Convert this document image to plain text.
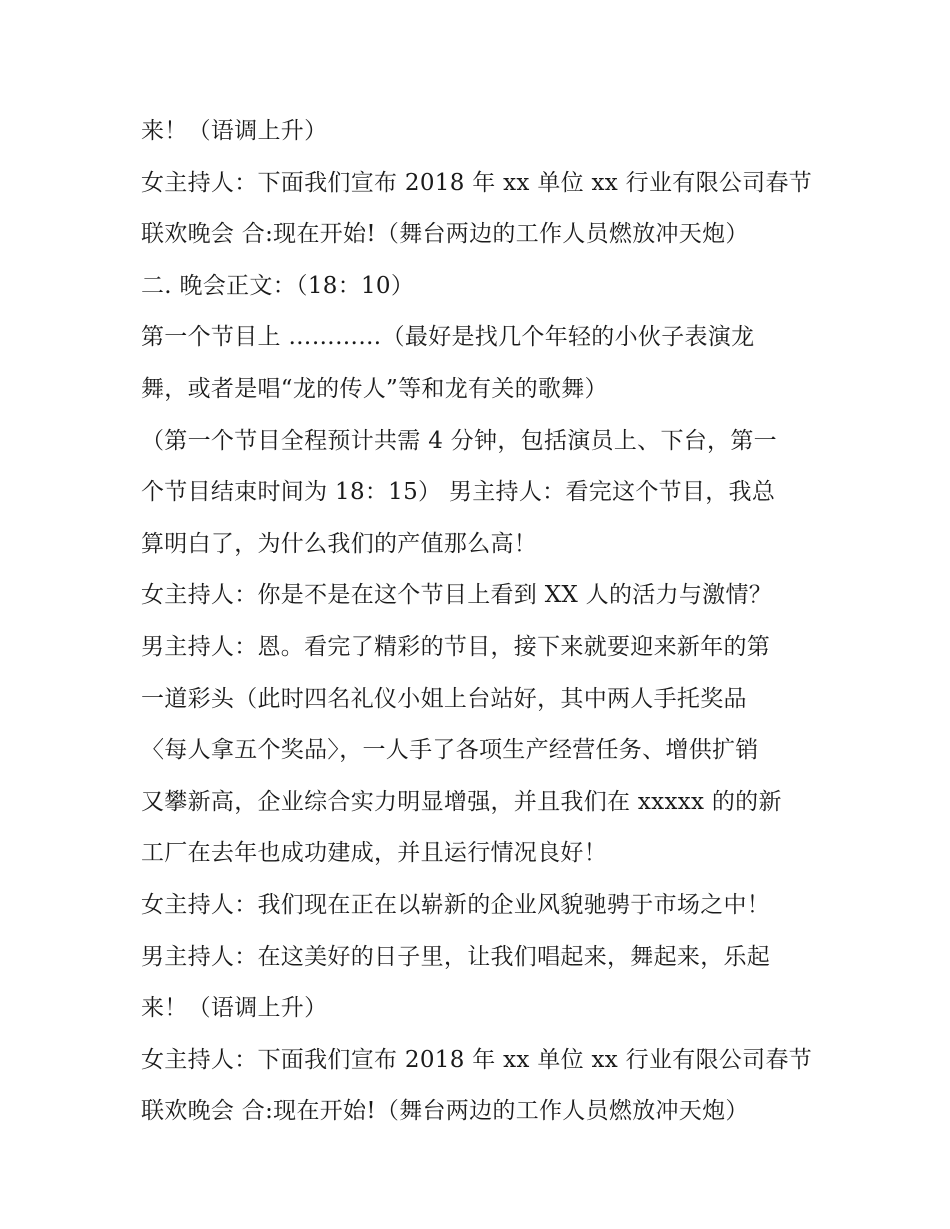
来！（语调上升）
女主持人：下面我们宣布 2018 年 xx 单位 xx 行业有限公司春节
联欢晚会 合:现在开始!（舞台两边的工作人员燃放冲天炮）
二. 晚会正文：（18：10）
第一个节目上 …………（最好是找几个年轻的小伙子表演龙
舞，或者是唱“龙的传人”等和龙有关的歌舞）
（第一个节目全程预计共需 4 分钟，包括演员上、下台，第一
个节目结束时间为 18：15） 男主持人：看完这个节目，我总
算明白了，为什么我们的产值那么高！
女主持人：你是不是在这个节目上看到 XX 人的活力与激情？
男主持人：恩。看完了精彩的节目，接下来就要迎来新年的第
一道彩头（此时四名礼仪小姐上台站好，其中两人手托奖品
〈每人拿五个奖品〉，一人手了各项生产经营任务、增供扩销
又攀新高，企业综合实力明显增强，并且我们在 xxxxx 的的新
工厂在去年也成功建成，并且运行情况良好！
女主持人：我们现在正在以崭新的企业风貌驰骋于市场之中！
男主持人：在这美好的日子里，让我们唱起来，舞起来，乐起
来！（语调上升）
女主持人：下面我们宣布 2018 年 xx 单位 xx 行业有限公司春节
联欢晚会 合:现在开始!（舞台两边的工作人员燃放冲天炮）
